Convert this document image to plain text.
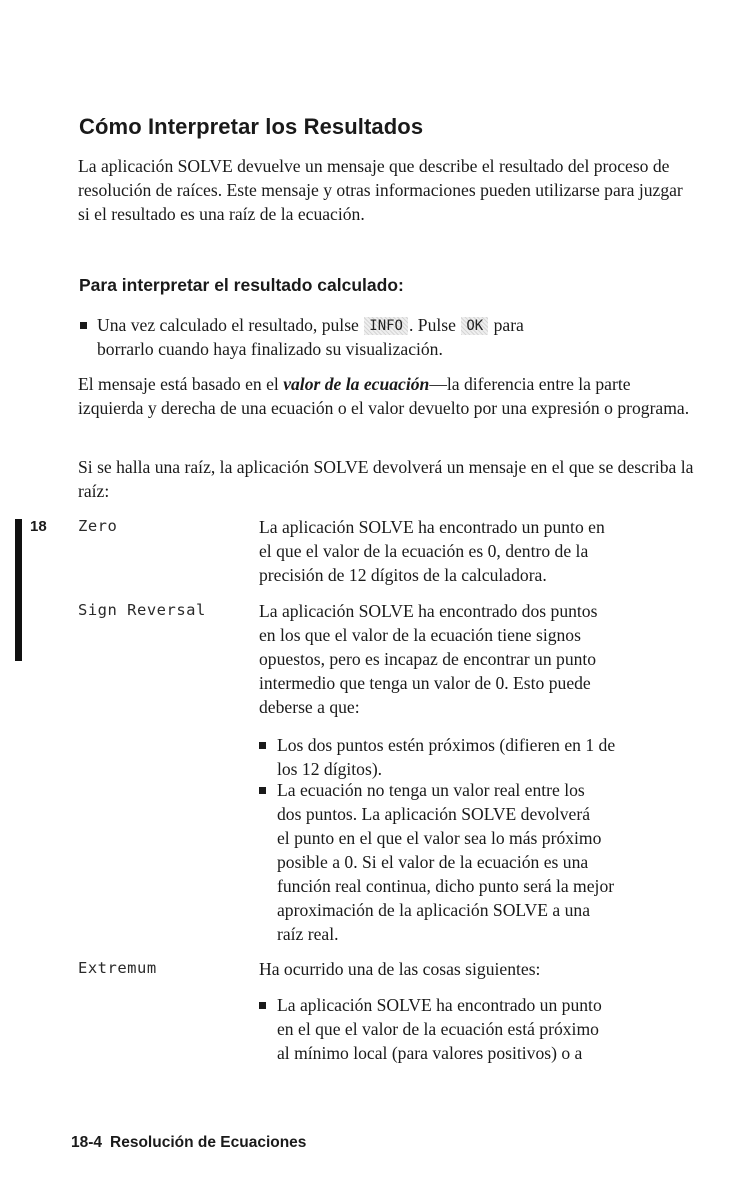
Cómo Interpretar los Resultados

La aplicación SOLVE devuelve un mensaje que describe el resultado del proceso de resolución de raíces. Este mensaje y otras informaciones pueden utilizarse para juzgar si el resultado es una raíz de la ecuación.

Para interpretar el resultado calculado:
Una vez calculado el resultado, pulse INFO . Pulse OK para
borrarlo cuando haya finalizado su visualización.

El mensaje está basado en el valor de la ecuación—la diferencia entre la parte izquierda y derecha de una ecuación o el valor devuelto por una expresión o programa.

Si se halla una raíz, la aplicación SOLVE devolverá un mensaje en el que se describa la raíz:

18 Zero	La aplicación SOLVE ha encontrado un punto en
el que el valor de la ecuación es 0, dentro de la
precisión de 12 dígitos de la calculadora.

Sign Reversal	La aplicación SOLVE ha encontrado dos puntos
en los que el valor de la ecuación tiene signos
opuestos, pero es incapaz de encontrar un punto
intermedio que tenga un valor de 0. Esto puede
deberse a que:

Los dos puntos estén próximos (difieren en 1 de
los 12 dígitos).
La ecuación no tenga un valor real entre los
dos puntos. La aplicación SOLVE devolverá
el punto en el que el valor sea lo más próximo
posible a 0. Si el valor de la ecuación es una
función real continua, dicho punto será la mejor
aproximación de la aplicación SOLVE a una
raíz real.
Extremum	Ha ocurrido una de las cosas siguientes:

La aplicación SOLVE ha encontrado un punto
en el que el valor de la ecuación está próximo
al mínimo local (para valores positivos) o a
18-4 Resolución de Ecuaciones
